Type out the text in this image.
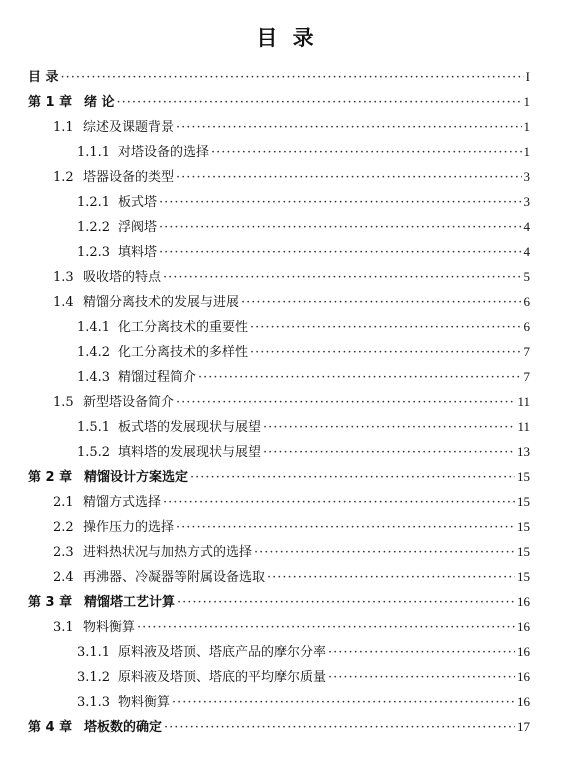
目 录
目 录 ·····	I
第 1 章 绪 论 ·····	1
1.1 综述及课题背景 ·····	1
1.1.1 对塔设备的选择 ·····	1
1.2 塔器设备的类型 ·····	3
1.2.1 板式塔 ·····	3
1.2.2 浮阀塔 ·····	4
1.2.3 填料塔 ·····	4
1.3 吸收塔的特点 ·····	5
1.4 精馏分离技术的发展与进展 ·····	6
1.4.1 化工分离技术的重要性 ·····	6
1.4.2 化工分离技术的多样性 ·····	7
1.4.3 精馏过程简介 ·····	7
1.5 新型塔设备简介 ·····	11
1.5.1 板式塔的发展现状与展望 ·····	11
1.5.2 填料塔的发展现状与展望 ·····	13
第 2 章 精馏设计方案选定 ·····	15
2.1 精馏方式选择 ·····	15
2.2 操作压力的选择 ·····	15
2.3 进料热状况与加热方式的选择 ·····	15
2.4 再沸器、冷凝器等附属设备选取 ·····	15
第 3 章 精馏塔工艺计算 ·····	16
3.1 物料衡算 ·····	16
3.1.1 原料液及塔顶、塔底产品的摩尔分率 ·····	16
3.1.2 原料液及塔顶、塔底的平均摩尔质量 ·····	16
3.1.3 物料衡算 ·····	16
第 4 章 塔板数的确定 ·····	17
